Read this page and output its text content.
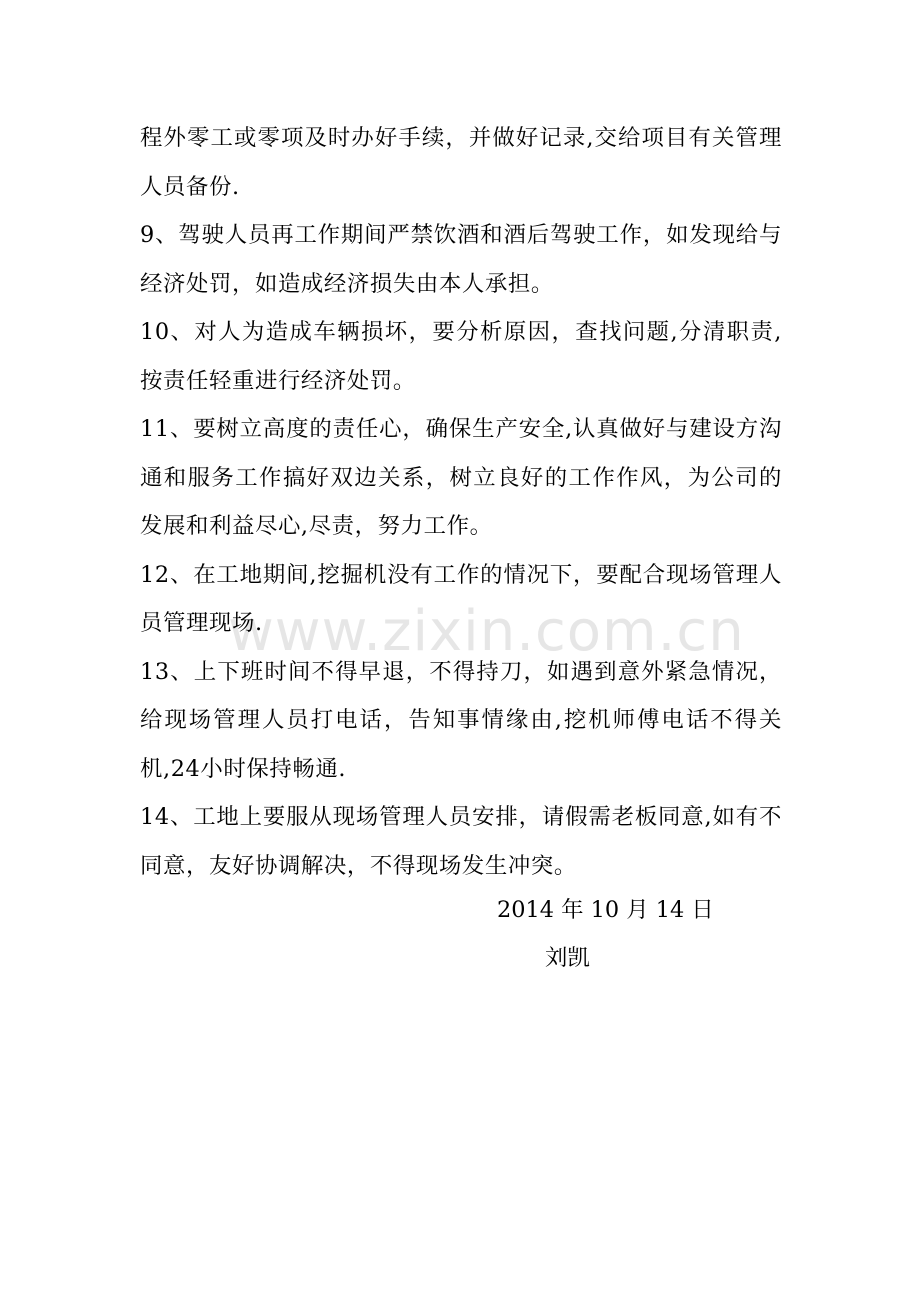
www.zixin.com.cn

程外零工或零项及时办好手续，并做好记录,交给项目有关管理人员备份.

9、驾驶人员再工作期间严禁饮酒和酒后驾驶工作，如发现给与经济处罚，如造成经济损失由本人承担。

10、对人为造成车辆损坏，要分析原因，查找问题,分清职责,按责任轻重进行经济处罚。

11、要树立高度的责任心，确保生产安全,认真做好与建设方沟通和服务工作搞好双边关系，树立良好的工作作风，为公司的发展和利益尽心,尽责，努力工作。

12、在工地期间,挖掘机没有工作的情况下，要配合现场管理人员管理现场.

13、上下班时间不得早退，不得持刀，如遇到意外紧急情况，给现场管理人员打电话，告知事情缘由,挖机师傅电话不得关机,24小时保持畅通.

14、工地上要服从现场管理人员安排，请假需老板同意,如有不同意，友好协调解决，不得现场发生冲突。

2014 年 10 月 14 日
刘凯
